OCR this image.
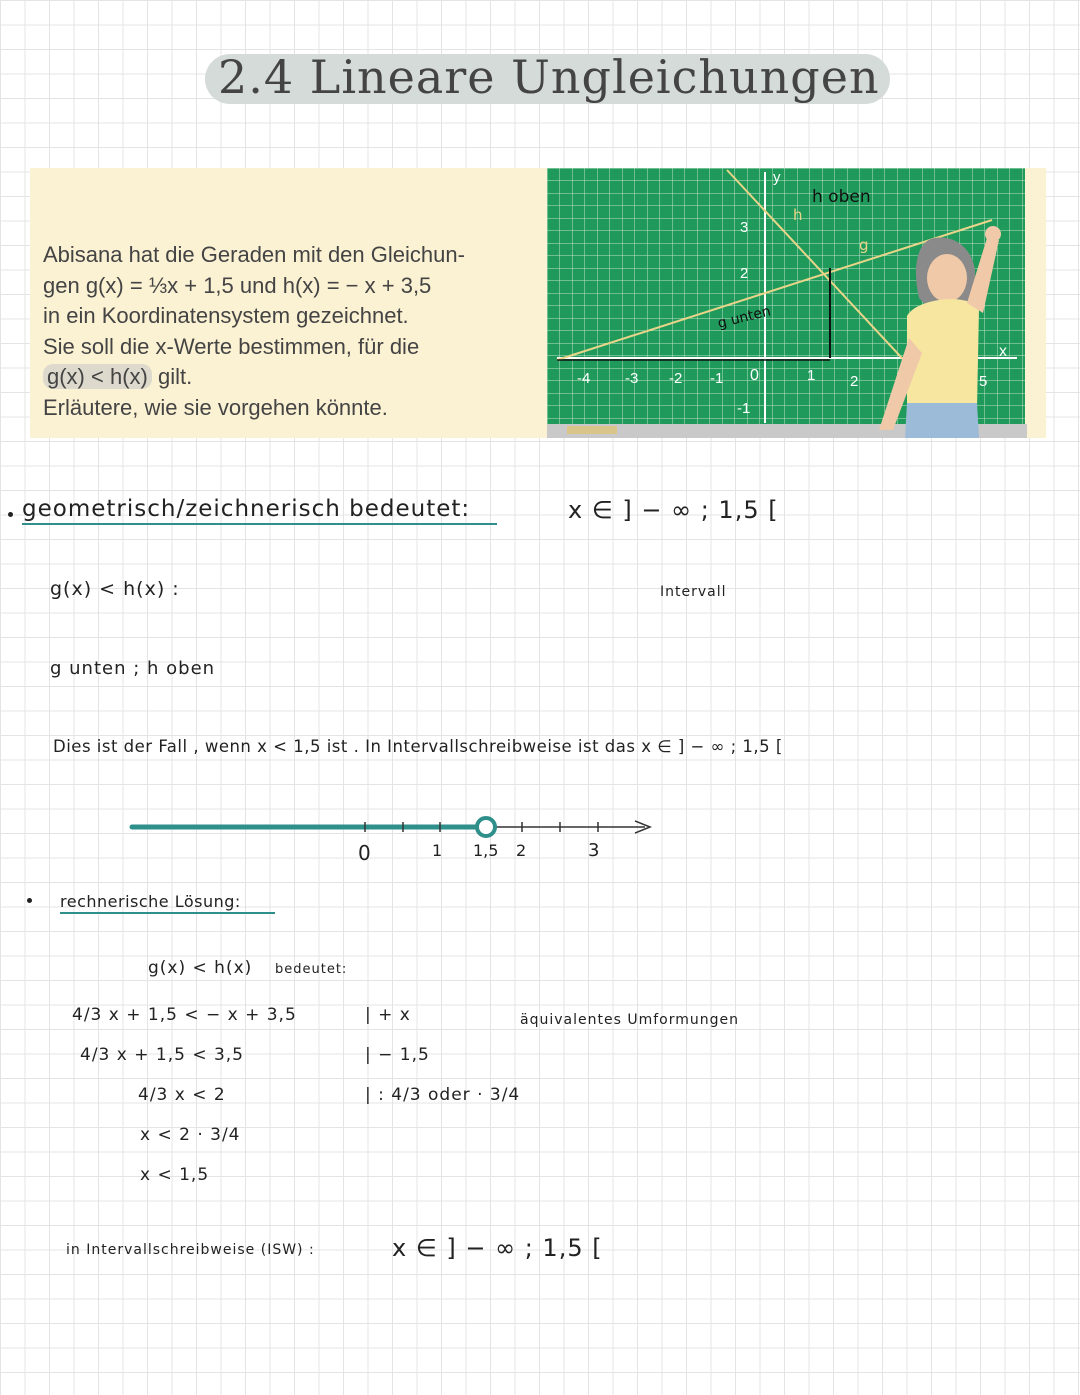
2.4 Lineare Ungleichungen
Abisana hat die Geraden mit den Gleichun-
gen g(x) = ⅓x + 1,5 und h(x) = − x + 3,5
in ein Koordinatensystem gezeichnet.
Sie soll die x-Werte bestimmen, für die
g(x) < h(x) gilt.
Erläutere, wie sie vorgehen könnte.
-4 -3 -2 -1 0	1 2	5
3
2
-1
x
y
h oben
h
g
g unten
geometrisch/zeichnerisch bedeutet:	x ∈ ] − ∞ ; 1,5 [
Intervall
g(x) < h(x) :
g unten ; h oben
Dies ist der Fall , wenn x < 1,5 ist . In Intervallschreibweise ist das x ∈ ] − ∞ ; 1,5 [
0	1 1,5 2	3
rechnerische Lösung:
g(x) < h(x) bedeutet:
4/3 x + 1,5 < − x + 3,5	| + x
4/3 x + 1,5 < 3,5	| − 1,5
4/3 x < 2	| : 4/3 oder · 3/4
x < 2 · 3/4
x < 1,5
äquivalentes Umformungen
in Intervallschreibweise (ISW) :	x ∈ ] − ∞ ; 1,5 [
